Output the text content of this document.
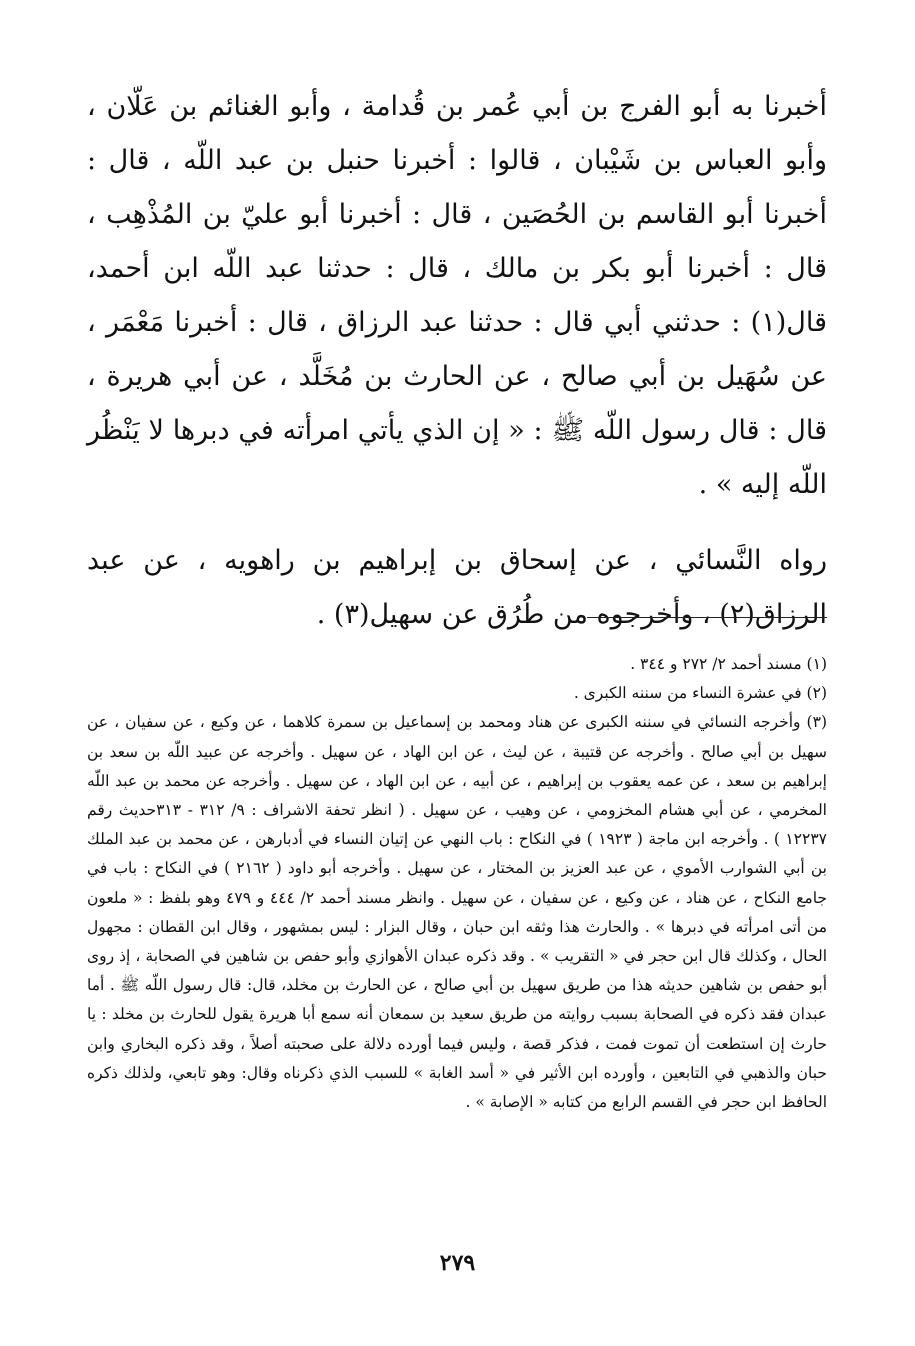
أخبرنا به أبو الفرج بن أبي عُمر بن قُدامة ، وأبو الغنائم بن عَلّان ، وأبو العباس بن شَيْبان ، قالوا : أخبرنا حنبل بن عبد اللّه ، قال : أخبرنا أبو القاسم بن الحُصَين ، قال : أخبرنا أبو عليّ بن المُذْهِب ، قال : أخبرنا أبو بكر بن مالك ، قال : حدثنا عبد اللّه ابن أحمد، قال(١) : حدثني أبي قال : حدثنا عبد الرزاق ، قال : أخبرنا مَعْمَر ، عن سُهَيل بن أبي صالح ، عن الحارث بن مُخَلَّد ، عن أبي هريرة ، قال : قال رسول اللّه ﷺ : « إن الذي يأتي امرأته في دبرها لا يَنْظُر اللّه إليه » .

رواه النَّسائي ، عن إسحاق بن إبراهيم بن راهويه ، عن عبد الرزاق(٢) ، وأخرجوه من طُرُق عن سهيل(٣) .

(١) مسند أحمد ٢/ ٢٧٢ و ٣٤٤ .

(٢) في عشرة النساء من سننه الكبرى .

(٣) وأخرجه النسائي في سننه الكبرى عن هناد ومحمد بن إسماعيل بن سمرة كلاهما ، عن وكيع ، عن سفيان ، عن سهيل بن أبي صالح . وأخرجه عن قتيبة ، عن ليث ، عن ابن الهاد ، عن سهيل . وأخرجه عن عبيد اللّه بن سعد بن إبراهيم بن سعد ، عن عمه يعقوب بن إبراهيم ، عن أبيه ، عن ابن الهاد ، عن سهيل . وأخرجه عن محمد بن عبد اللّه المخرمي ، عن أبي هشام المخزومي ، عن وهيب ، عن سهيل . ( انظر تحفة الاشراف : ٩/ ٣١٢ - ٣١٣حديث رقم ١٢٢٣٧ ) . وأخرجه ابن ماجة ( ١٩٢٣ ) في النكاح : باب النهي عن إتيان النساء في أدبارهن ، عن محمد بن عبد الملك بن أبي الشوارب الأموي ، عن عبد العزيز بن المختار ، عن سهيل . وأخرجه أبو داود ( ٢١٦٢ ) في النكاح : باب في جامع النكاح ، عن هناد ، عن وكيع ، عن سفيان ، عن سهيل . وانظر مسند أحمد ٢/ ٤٤٤ و ٤٧٩ وهو بلفظ : « ملعون من أتى امرأته في دبرها » . والحارث هذا وثقه ابن حبان ، وقال البزار : ليس بمشهور ، وقال ابن القطان : مجهول الحال ، وكذلك قال ابن حجر في « التقريب » . وقد ذكره عبدان الأهوازي وأبو حفص بن شاهين في الصحابة ، إذ روى أبو حفص بن شاهين حديثه هذا من طريق سهيل بن أبي صالح ، عن الحارث بن مخلد، قال: قال رسول اللّه ﷺ . أما عبدان فقد ذكره في الصحابة بسبب روايته من طريق سعيد بن سمعان أنه سمع أبا هريرة يقول للحارث بن مخلد : يا حارث إن استطعت أن تموت فمت ، فذكر قصة ، وليس فيما أورده دلالة على صحبته أصلاً ، وقد ذكره البخاري وابن حبان والذهبي في التابعين ، وأورده ابن الأثير في « أسد الغابة » للسبب الذي ذكرناه وقال: وهو تابعي، ولذلك ذكره الحافظ ابن حجر في القسم الرابع من كتابه « الإصابة » .

٢٧٩
